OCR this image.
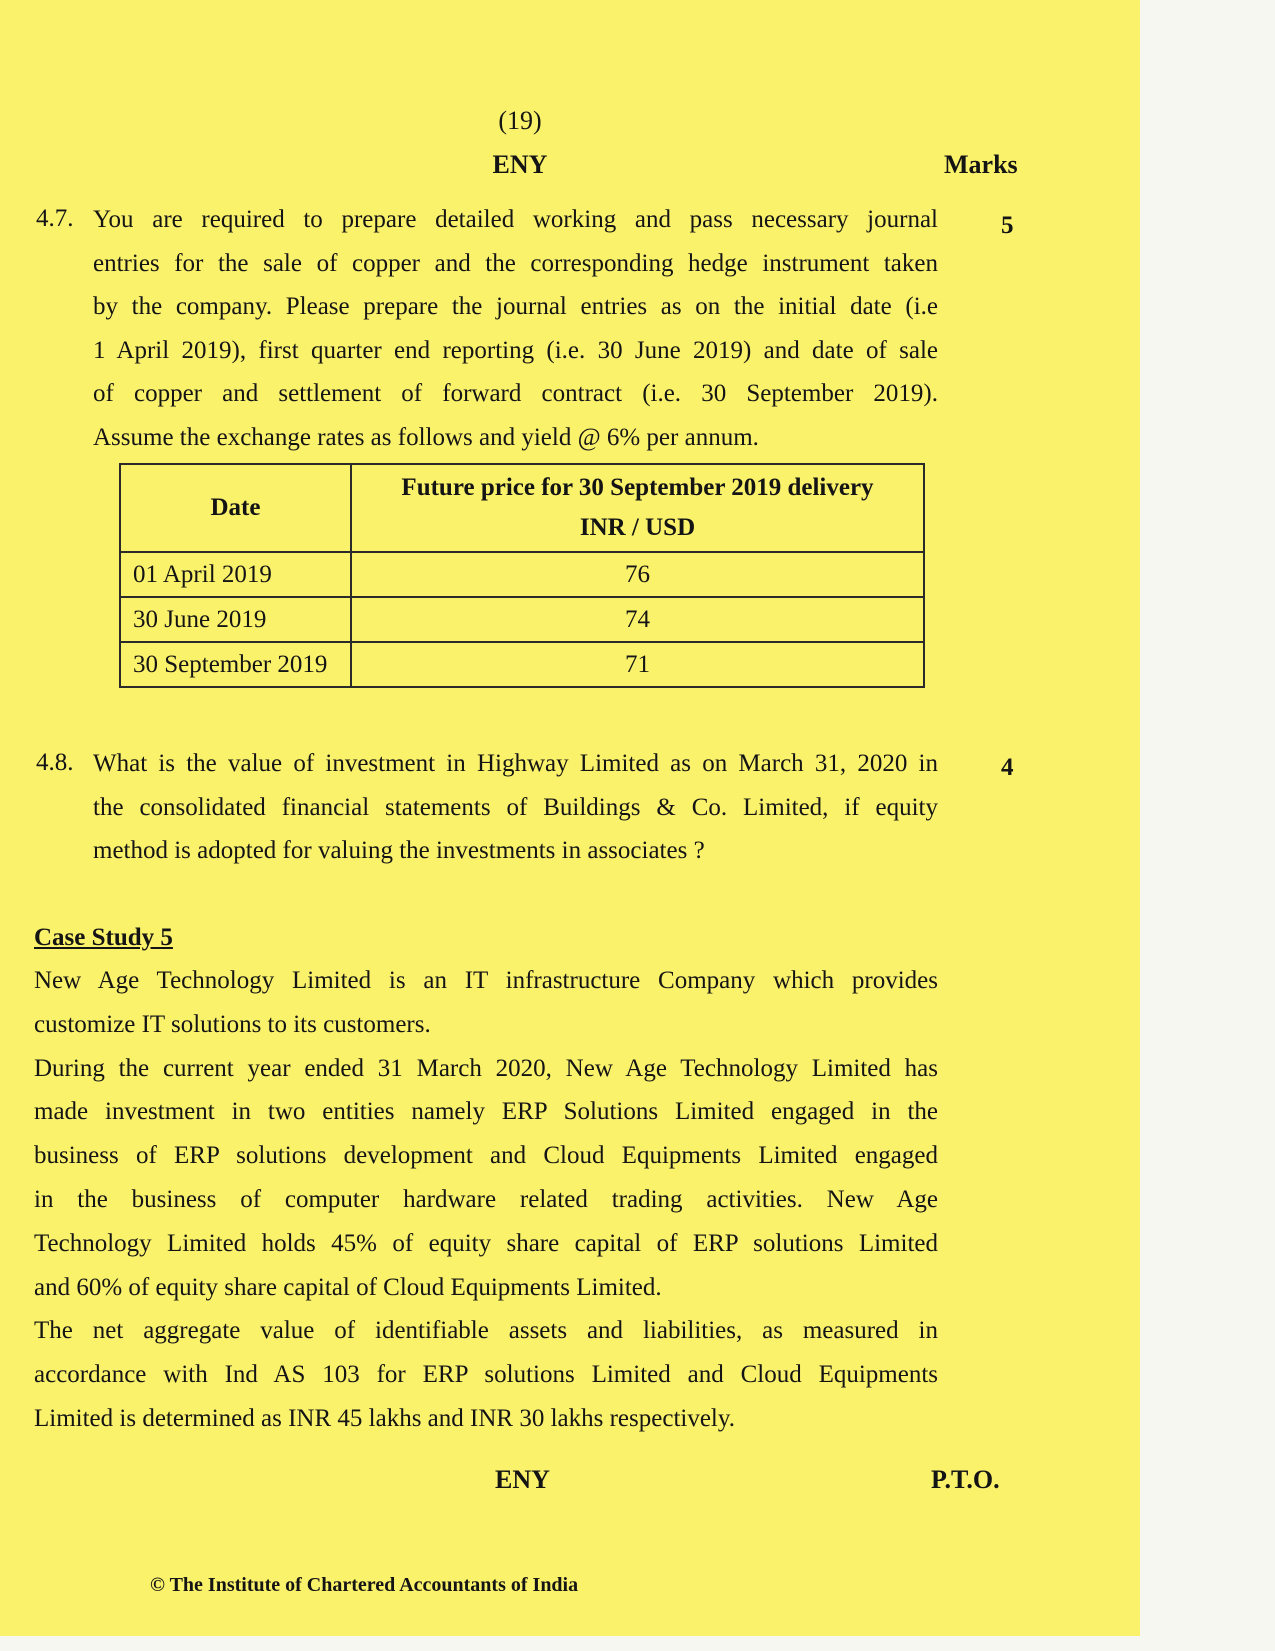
(19)
ENY	Marks
4.7.	5
You are required to prepare detailed working and pass necessary journal
entries for the sale of copper and the corresponding hedge instrument taken
by the company. Please prepare the journal entries as on the initial date (i.e
1 April 2019), first quarter end reporting (i.e. 30 June 2019) and date of sale
of copper and settlement of forward contract (i.e. 30 September 2019).
Assume the exchange rates as follows and yield @ 6% per annum.
Date	Future price for 30 September 2019 delivery
INR / USD

01 April 2019	76
30 June 2019	74
30 September 2019	71
4.8.	4
What is the value of investment in Highway Limited as on March 31, 2020 in
the consolidated financial statements of Buildings & Co. Limited, if equity
method is adopted for valuing the investments in associates ?
Case Study 5
New Age Technology Limited is an IT infrastructure Company which provides
customize IT solutions to its customers.
During the current year ended 31 March 2020, New Age Technology Limited has
made investment in two entities namely ERP Solutions Limited engaged in the
business of ERP solutions development and Cloud Equipments Limited engaged
in the business of computer hardware related trading activities. New Age
Technology Limited holds 45% of equity share capital of ERP solutions Limited
and 60% of equity share capital of Cloud Equipments Limited.
The net aggregate value of identifiable assets and liabilities, as measured in
accordance with Ind AS 103 for ERP solutions Limited and Cloud Equipments
Limited is determined as INR 45 lakhs and INR 30 lakhs respectively.
ENY	P.T.O.
© The Institute of Chartered Accountants of India
